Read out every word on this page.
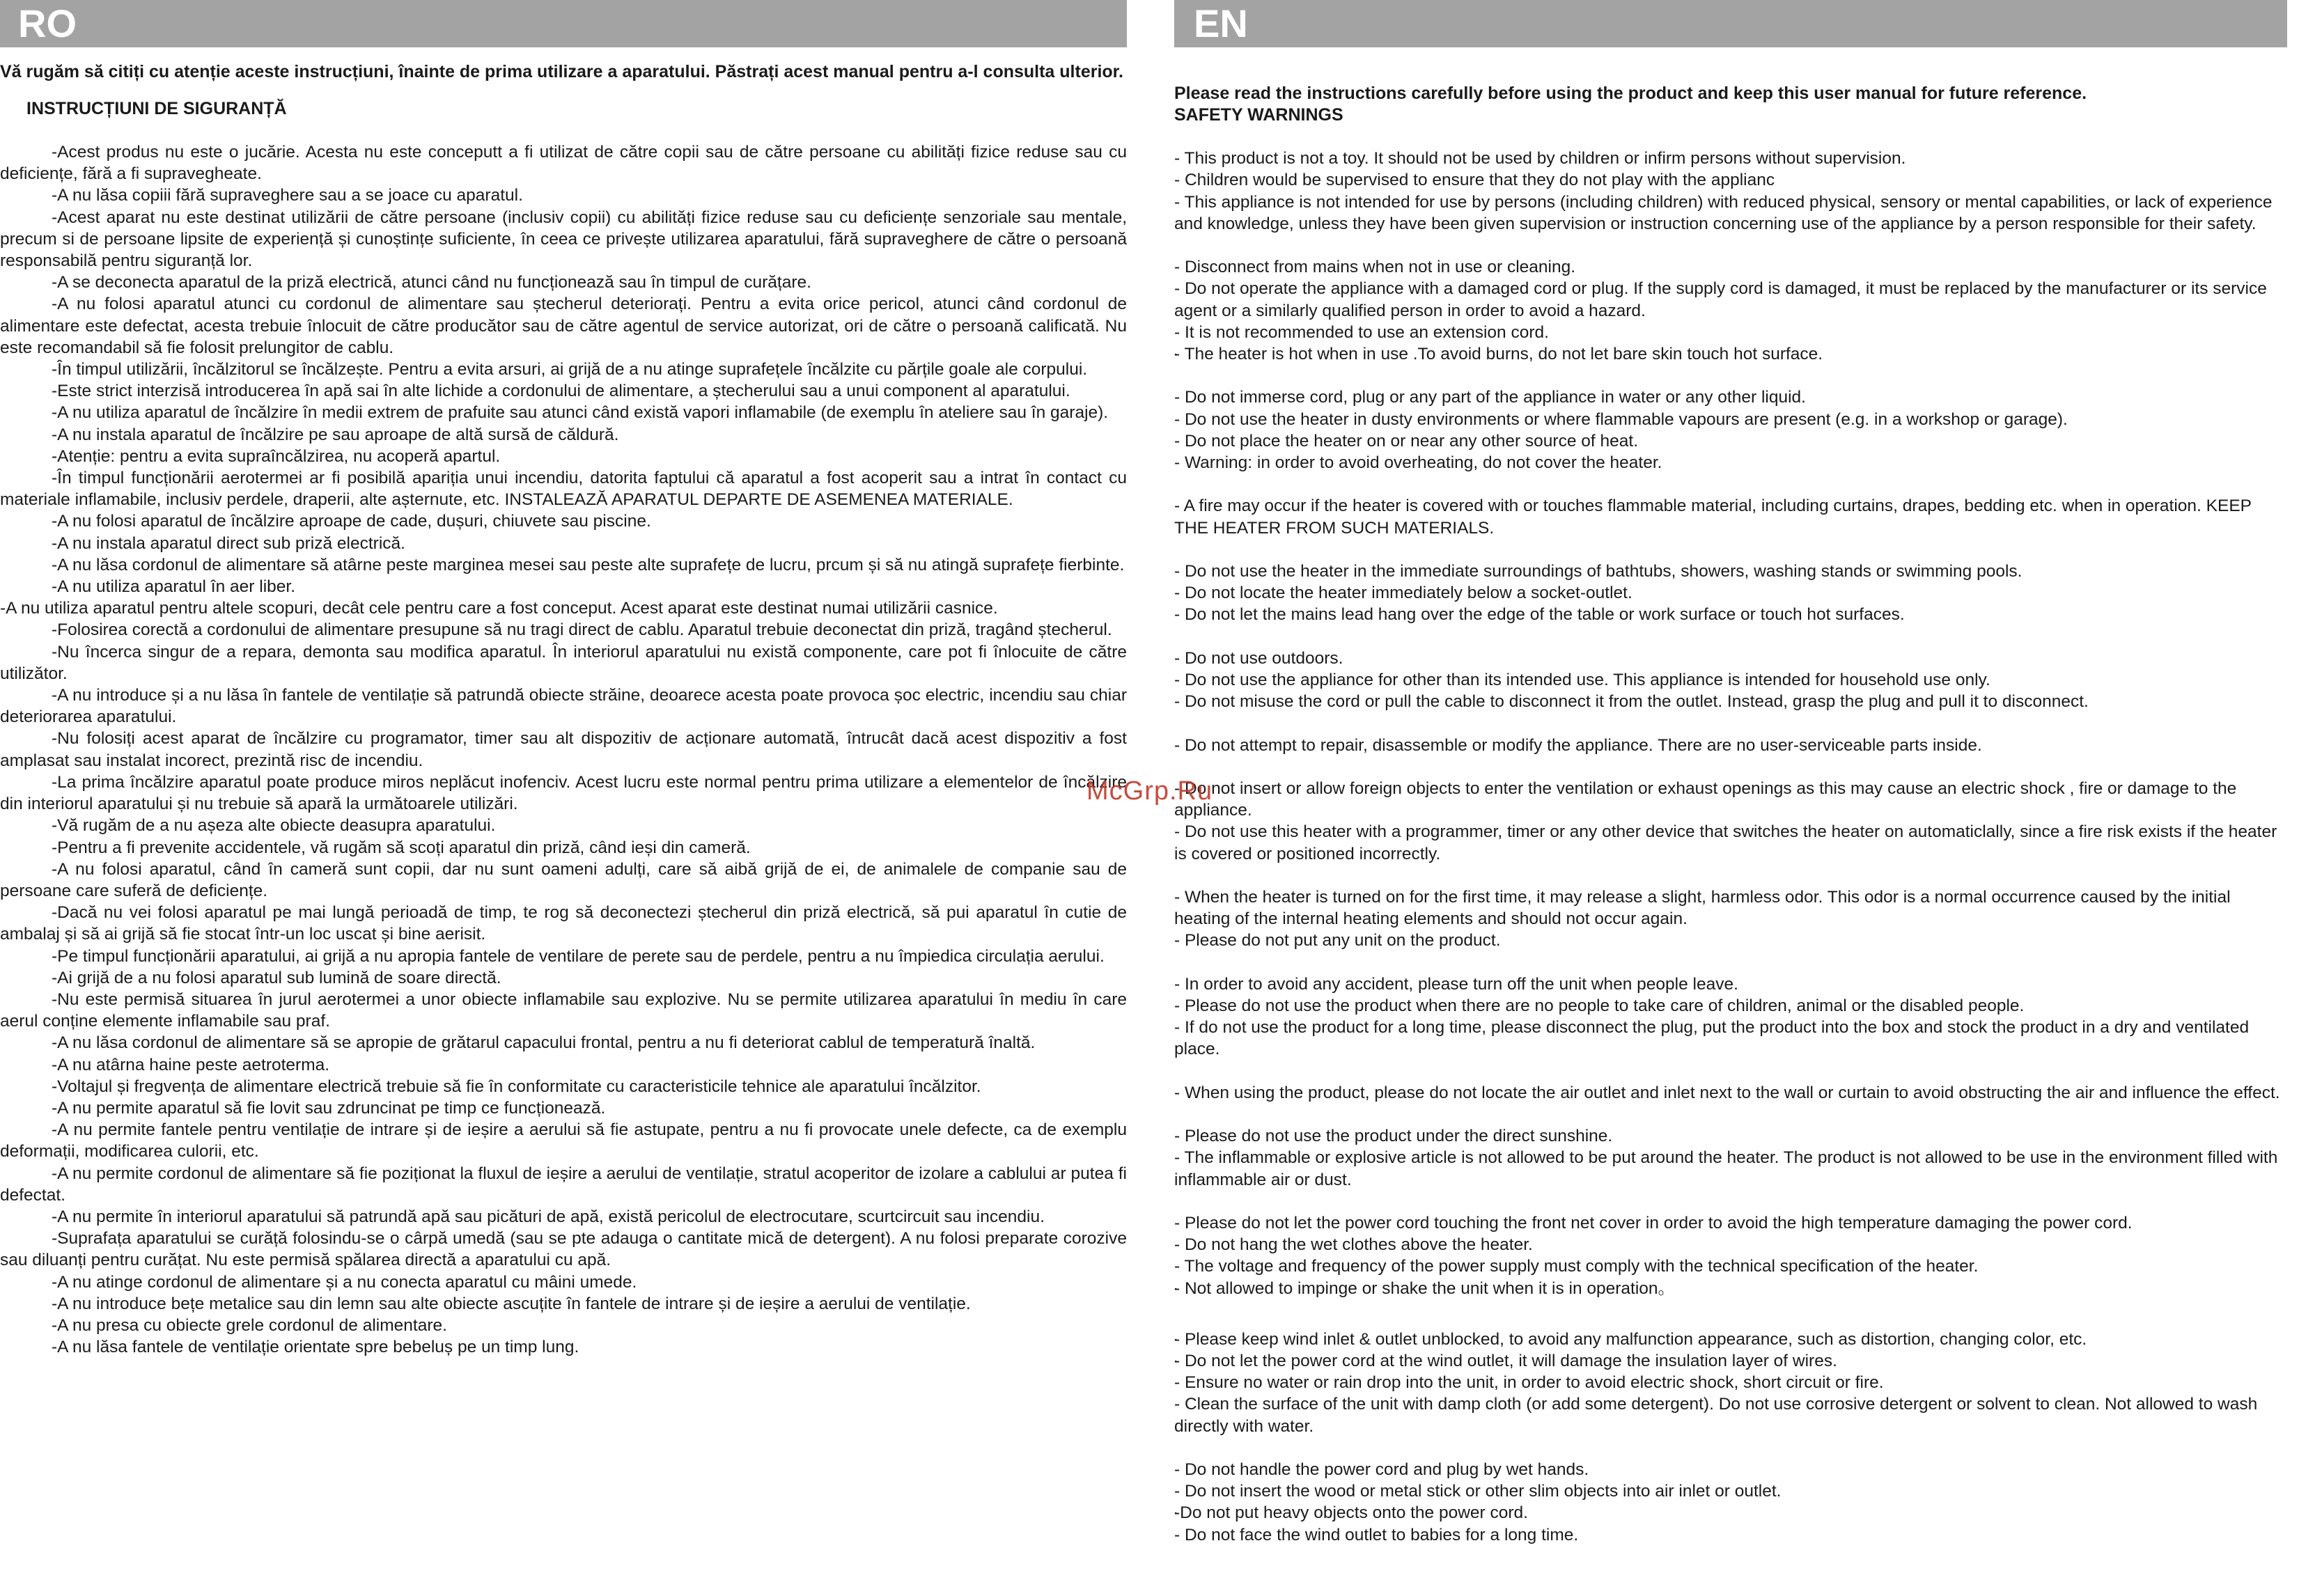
RO
Vă rugăm să citiți cu atenție aceste instrucțiuni, înainte de prima utilizare a aparatului. Păstrați acest manual pentru a-l consulta ulterior.
INSTRUCȚIUNI DE SIGURANȚĂ

-Acest produs nu este o jucărie. Acesta nu este conceputt a fi utilizat de către copii sau de către persoane cu abilități fizice reduse sau cu deficiențe, fără a fi supravegheate.

-A nu lăsa copiii fără supraveghere sau a se joace cu aparatul.

-Acest aparat nu este destinat utilizării de către persoane (inclusiv copii) cu abilități fizice reduse sau cu deficiențe senzoriale sau mentale, precum si de persoane lipsite de experiență și cunoștințe suficiente, în ceea ce privește utilizarea aparatului, fără supraveghere de către o persoană responsabilă pentru siguranță lor.

-A se deconecta aparatul de la priză electrică, atunci când nu funcționează sau în timpul de curățare.

-A nu folosi aparatul atunci cu cordonul de alimentare sau ștecherul deteriorați. Pentru a evita orice pericol, atunci când cordonul de alimentare este defectat, acesta trebuie înlocuit de către producător sau de către agentul de service autorizat, ori de către o persoană calificată. Nu este recomandabil să fie folosit prelungitor de cablu.

-În timpul utilizării, încălzitorul se încălzește. Pentru a evita arsuri, ai grijă de a nu atinge suprafețele încălzite cu părțile goale ale corpului.

-Este strict interzisă introducerea în apă sai în alte lichide a cordonului de alimentare, a ștecherului sau a unui component al aparatului.

-A nu utiliza aparatul de încălzire în medii extrem de prafuite sau atunci când există vapori inflamabile (de exemplu în ateliere sau în garaje).

-A nu instala aparatul de încălzire pe sau aproape de altă sursă de căldură.

-Atenție: pentru a evita supraîncălzirea, nu acoperă apartul.

-În timpul funcționării aerotermei ar fi posibilă apariția unui incendiu, datorita faptului că aparatul a fost acoperit sau a intrat în contact cu materiale inflamabile, inclusiv perdele, draperii, alte așternute, etc. INSTALEAZĂ APARATUL DEPARTE DE ASEMENEA MATERIALE.

-A nu folosi aparatul de încălzire aproape de cade, dușuri, chiuvete sau piscine.

-A nu instala aparatul direct sub priză electrică.

-A nu lăsa cordonul de alimentare să atârne peste marginea mesei sau peste alte suprafețe de lucru, prcum și să nu atingă suprafețe fierbinte.

-A nu utiliza aparatul în aer liber.

-A nu utiliza aparatul pentru altele scopuri, decât cele pentru care a fost conceput. Acest aparat este destinat numai utilizării casnice.

-Folosirea corectă a cordonului de alimentare presupune să nu tragi direct de cablu. Aparatul trebuie deconectat din priză, tragând ștecherul.

-Nu încerca singur de a repara, demonta sau modifica aparatul. În interiorul aparatului nu există componente, care pot fi înlocuite de către utilizător.

-A nu introduce și a nu lăsa în fantele de ventilație să patrundă obiecte străine, deoarece acesta poate provoca șoc electric, incendiu sau chiar deteriorarea aparatului.

-Nu folosiți acest aparat de încălzire cu programator, timer sau alt dispozitiv de acționare automată, întrucât dacă acest dispozitiv a fost amplasat sau instalat incorect, prezintă risc de incendiu.

-La prima încălzire aparatul poate produce miros neplăcut inofenciv. Acest lucru este normal pentru prima utilizare a elementelor de încălzire din interiorul aparatului și nu trebuie să apară la următoarele utilizări.

-Vă rugăm de a nu așeza alte obiecte deasupra aparatului.

-Pentru a fi prevenite accidentele, vă rugăm să scoți aparatul din priză, când ieși din cameră.

-A nu folosi aparatul, când în cameră sunt copii, dar nu sunt oameni adulți, care să aibă grijă de ei, de animalele de companie sau de persoane care suferă de deficiențe.

-Dacă nu vei folosi aparatul pe mai lungă perioadă de timp, te rog să deconectezi ștecherul din priză electrică, să pui aparatul în cutie de ambalaj și să ai grijă să fie stocat într-un loc uscat și bine aerisit.

-Pe timpul funcționării aparatului, ai grijă a nu apropia fantele de ventilare de perete sau de perdele, pentru a nu împiedica circulația aerului.

-Ai grijă de a nu folosi aparatul sub lumină de soare directă.

-Nu este permisă situarea în jurul aerotermei a unor obiecte inflamabile sau explozive. Nu se permite utilizarea aparatului în mediu în care aerul conține elemente inflamabile sau praf.

-A nu lăsa cordonul de alimentare să se apropie de grătarul capacului frontal, pentru a nu fi deteriorat cablul de temperatură înaltă.

-A nu atârna haine peste aetroterma.

-Voltajul și fregvența de alimentare electrică trebuie să fie în conformitate cu caracteristicile tehnice ale aparatului încălzitor.

-A nu permite aparatul să fie lovit sau zdruncinat pe timp ce funcționează.

-A nu permite fantele pentru ventilație de intrare și de ieșire a aerului să fie astupate, pentru a nu fi provocate unele defecte, ca de exemplu deformații, modificarea culorii, etc.

-A nu permite cordonul de alimentare să fie poziționat la fluxul de ieșire a aerului de ventilație, stratul acoperitor de izolare a cablului ar putea fi defectat.

-A nu permite în interiorul aparatului să patrundă apă sau picături de apă, există pericolul de electrocutare, scurtcircuit sau incendiu.

-Suprafața aparatului se curăță folosindu-se o cârpă umedă (sau se pte adauga o cantitate mică de detergent). A nu folosi preparate corozive sau diluanți pentru curățat. Nu este permisă spălarea directă a aparatului cu apă.

-A nu atinge cordonul de alimentare și a nu conecta aparatul cu mâini umede.

-A nu introduce bețe metalice sau din lemn sau alte obiecte ascuțite în fantele de intrare și de ieșire a aerului de ventilație.

-A nu presa cu obiecte grele cordonul de alimentare.

-A nu lăsa fantele de ventilație orientate spre bebeluș pe un timp lung.

EN
Please read the instructions carefully before using the product and keep this user manual for future reference.
SAFETY WARNINGS

- This product is not a toy. It should not be used by children or infirm persons without supervision.

- Children would be supervised to ensure that they do not play with the applianc

- This appliance is not intended for use by persons (including children) with reduced physical, sensory or mental capabilities, or lack of experience and knowledge, unless they have been given supervision or instruction concerning use of the appliance by a person responsible for their safety.

- Disconnect from mains when not in use or cleaning.

- Do not operate the appliance with a damaged cord or plug. If the supply cord is damaged, it must be replaced by the manufacturer or its service agent or a similarly qualified person in order to avoid a hazard.

- It is not recommended to use an extension cord.

· - The heater is hot when in use .To avoid burns, do not let bare skin touch hot surface.

- Do not immerse cord, plug or any part of the appliance in water or any other liquid.

- Do not use the heater in dusty environments or where flammable vapours are present (e.g. in a workshop or garage).

- Do not place the heater on or near any other source of heat.

- Warning: in order to avoid overheating, do not cover the heater.

- A fire may occur if the heater is covered with or touches flammable material, including curtains, drapes, bedding etc. when in operation. KEEP THE HEATER FROM SUCH MATERIALS.

- Do not use the heater in the immediate surroundings of bathtubs, showers, washing stands or swimming pools.

- Do not locate the heater immediately below a socket-outlet.

- Do not let the mains lead hang over the edge of the table or work surface or touch hot surfaces.

- Do not use outdoors.

- Do not use the appliance for other than its intended use. This appliance is intended for household use only.

- Do not misuse the cord or pull the cable to disconnect it from the outlet. Instead, grasp the plug and pull it to disconnect.

- Do not attempt to repair, disassemble or modify the appliance. There are no user-serviceable parts inside.

- Do not insert or allow foreign objects to enter the ventilation or exhaust openings as this may cause an electric shock , fire or damage to the appliance.

- Do not use this heater with a programmer, timer or any other device that switches the heater on automaticlally, since a fire risk exists if the heater is covered or positioned incorrectly.

- When the heater is turned on for the first time, it may release a slight, harmless odor. This odor is a normal occurrence caused by the initial heating of the internal heating elements and should not occur again.

- Please do not put any unit on the product.

- In order to avoid any accident, please turn off the unit when people leave.

- Please do not use the product when there are no people to take care of children, animal or the disabled people.

- If do not use the product for a long time, please disconnect the plug, put the product into the box and stock the product in a dry and ventilated place.

- When using the product, please do not locate the air outlet and inlet next to the wall or curtain to avoid obstructing the air and influence the effect.

- Please do not use the product under the direct sunshine.

- The inflammable or explosive article is not allowed to be put around the heater. The product is not allowed to be use in the environment filled with inflammable air or dust.

- Please do not let the power cord touching the front net cover in order to avoid the high temperature damaging the power cord.

- Do not hang the wet clothes above the heater.

- The voltage and frequency of the power supply must comply with the technical specification of the heater.

· - Not allowed to impinge or shake the unit when it is in operation。

· - Please keep wind inlet & outlet unblocked, to avoid any malfunction appearance, such as distortion, changing color, etc.

· - Do not let the power cord at the wind outlet, it will damage the insulation layer of wires.

- Ensure no water or rain drop into the unit, in order to avoid electric shock, short circuit or fire.

- Clean the surface of the unit with damp cloth (or add some detergent). Do not use corrosive detergent or solvent to clean. Not allowed to wash directly with water.

- Do not handle the power cord and plug by wet hands.

- Do not insert the wood or metal stick or other slim objects into air inlet or outlet.

· -Do not put heavy objects onto the power cord.

- Do not face the wind outlet to babies for a long time.

McGrp.Ru
